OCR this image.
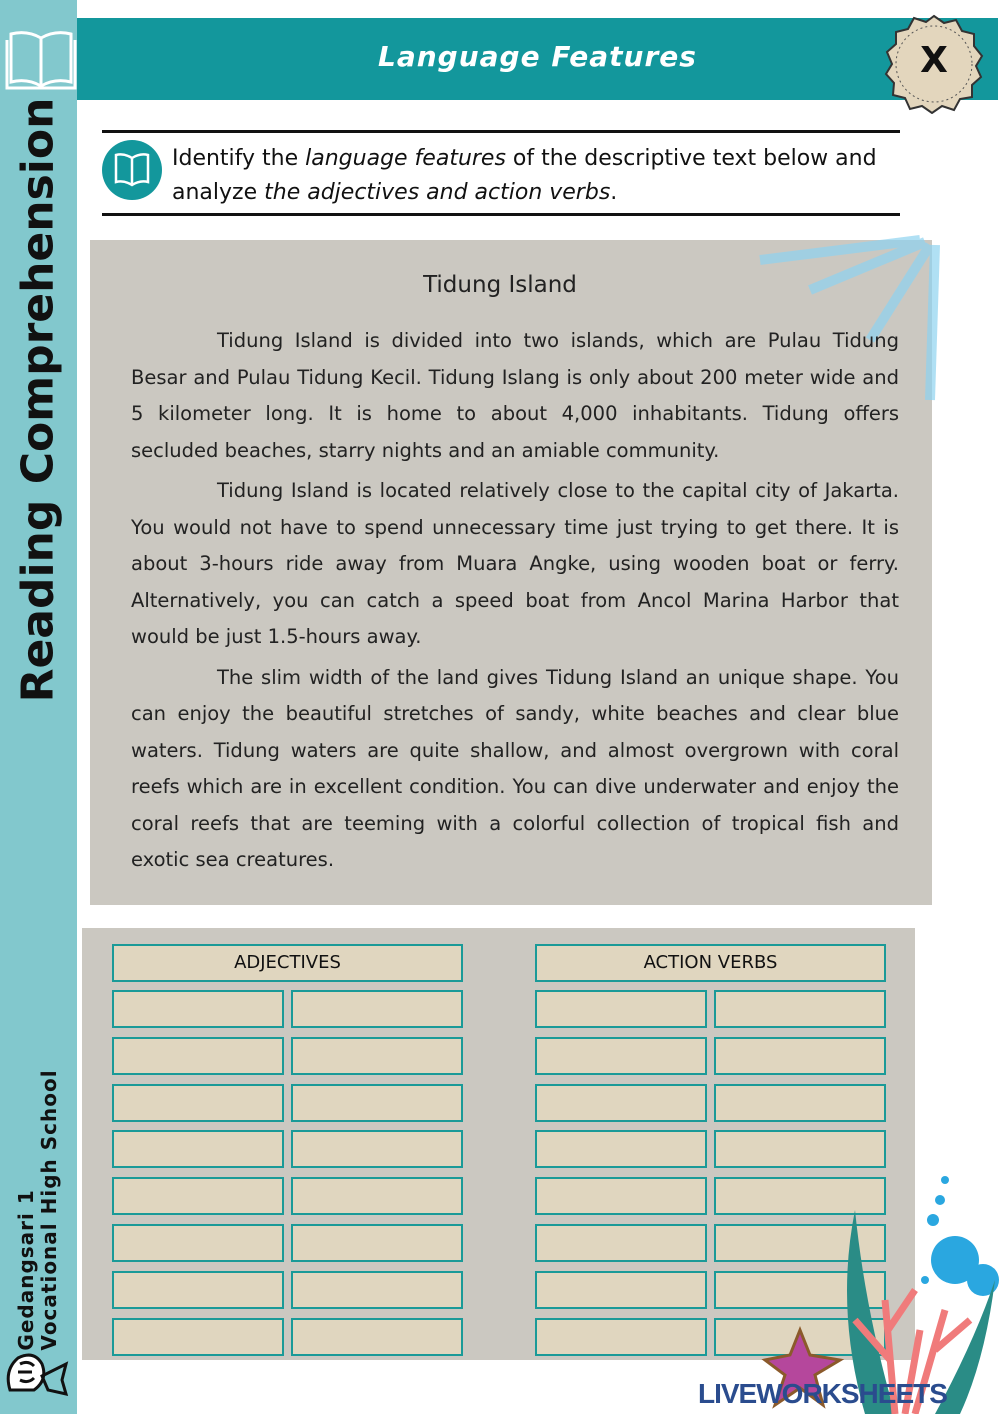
Reading Comprehension
Gedangsari 1 Vocational High School
Language Features	X
Identify the language features of the descriptive text below and analyze the adjectives and action verbs.
Tidung Island

Tidung Island is divided into two islands, which are Pulau Tidung Besar and Pulau Tidung Kecil. Tidung Islang is only about 200 meter wide and 5 kilometer long. It is home to about 4,000 inhabitants. Tidung offers secluded beaches, starry nights and an amiable community.

Tidung Island is located relatively close to the capital city of Jakarta. You would not have to spend unnecessary time just trying to get there. It is about 3-hours ride away from Muara Angke, using wooden boat or ferry. Alternatively, you can catch a speed boat from Ancol Marina Harbor that would be just 1.5-hours away.

The slim width of the land gives Tidung Island an unique shape. You can enjoy the beautiful stretches of sandy, white beaches and clear blue waters. Tidung waters are quite shallow, and almost overgrown with coral reefs which are in excellent condition. You can dive underwater and enjoy the coral reefs that are teeming with a colorful collection of tropical fish and exotic sea creatures.

ADJECTIVES	ACTION VERBS
LIVEWORKSHEETS
